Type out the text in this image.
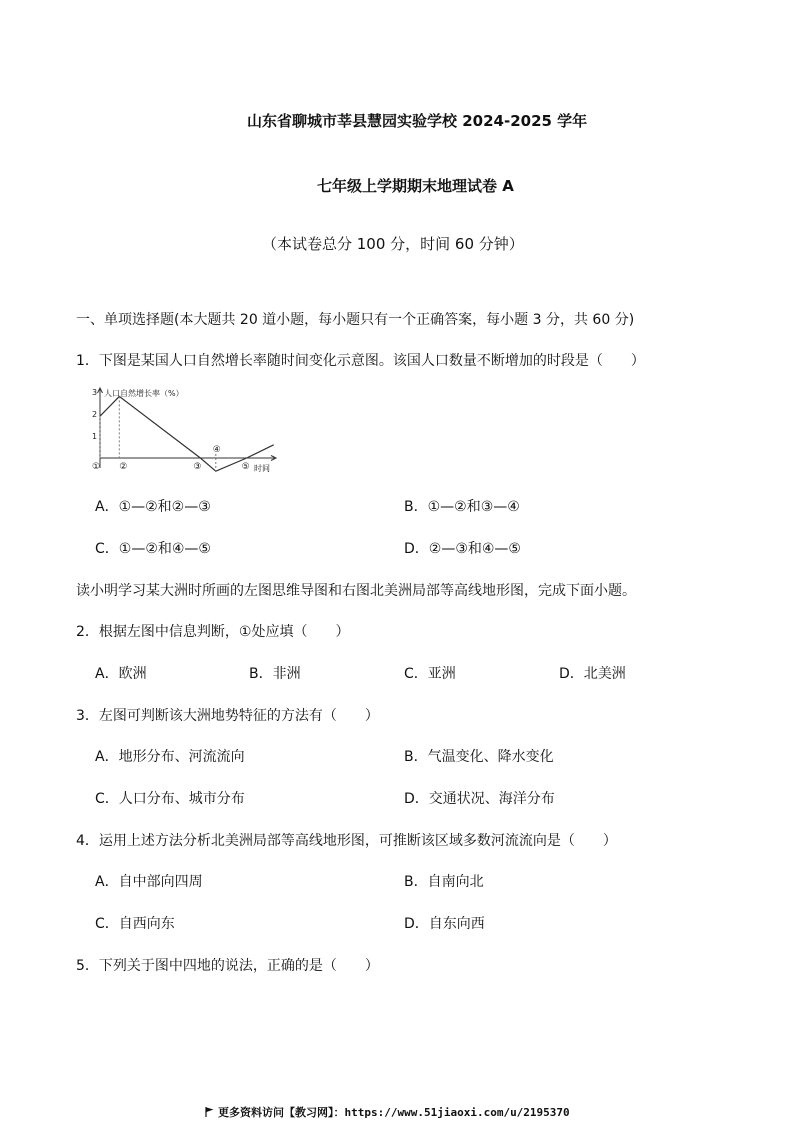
山东省聊城市莘县慧园实验学校 2024-2025 学年
七年级上学期期末地理试卷 A
（本试卷总分 100 分，时间 60 分钟）
一、单项选择题(本大题共 20 道小题，每小题只有一个正确答案，每小题 3 分，共 60 分)
1．下图是某国人口自然增长率随时间变化示意图。该国人口数量不断增加的时段是（　　）
人口自然增长率（%）
时间
1
2
3
① ②	③
④
⑤
A．①—②和②—③	B．①—②和③—④
C．①—②和④—⑤	D．②—③和④—⑤
读小明学习某大洲时所画的左图思维导图和右图北美洲局部等高线地形图，完成下面小题。
2．根据左图中信息判断，①处应填（　　）
A．欧洲	B．非洲	C．亚洲	D．北美洲
3．左图可判断该大洲地势特征的方法有（　　）
A．地形分布、河流流向	B．气温变化、降水变化
C．人口分布、城市分布	D．交通状况、海洋分布
4．运用上述方法分析北美洲局部等高线地形图，可推断该区域多数河流流向是（　　）
A．自中部向四周	B．自南向北
C．自西向东	D．自东向西
5．下列关于图中四地的说法，正确的是（　　）
更多资料访问【教习网】：https://www.51jiaoxi.com/u/2195370
